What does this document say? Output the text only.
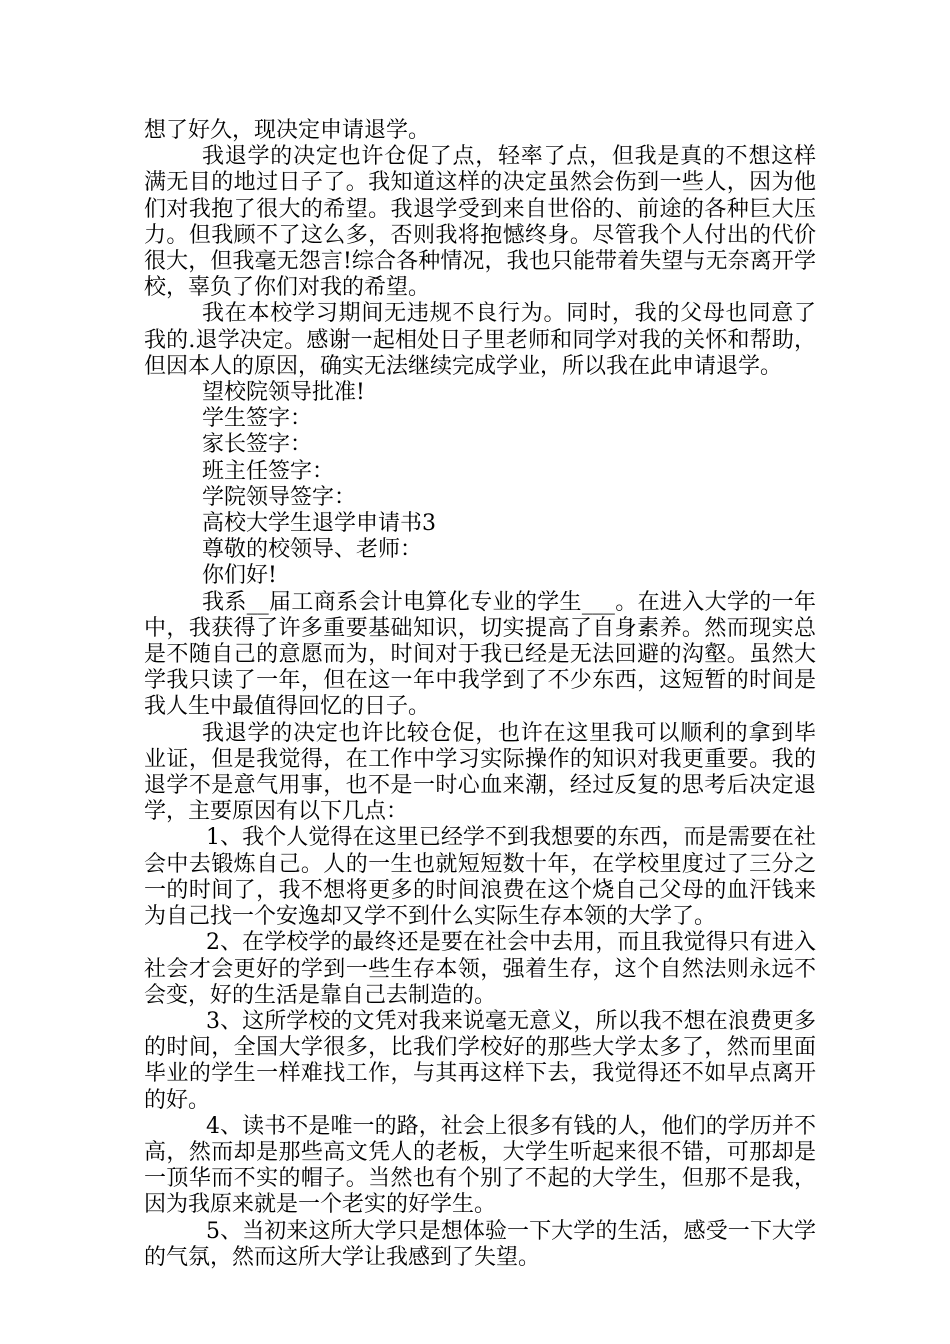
想了好久，现决定申请退学。

我退学的决定也许仓促了点，轻率了点，但我是真的不想这样满无目的地过日子了。我知道这样的决定虽然会伤到一些人，因为他们对我抱了很大的希望。我退学受到来自世俗的、前途的各种巨大压力。但我顾不了这么多，否则我将抱憾终身。尽管我个人付出的代价很大，但我毫无怨言!综合各种情况，我也只能带着失望与无奈离开学校，辜负了你们对我的希望。

我在本校学习期间无违规不良行为。同时，我的父母也同意了我的.退学决定。感谢一起相处日子里老师和同学对我的关怀和帮助，但因本人的原因，确实无法继续完成学业，所以我在此申请退学。

望校院领导批准!

学生签字：

家长签字：

班主任签字：

学院领导签字：

高校大学生退学申请书3

尊敬的校领导、老师：

你们好!

我系__届工商系会计电算化专业的学生___。在进入大学的一年中，我获得了许多重要基础知识，切实提高了自身素养。然而现实总是不随自己的意愿而为，时间对于我已经是无法回避的沟壑。虽然大学我只读了一年，但在这一年中我学到了不少东西，这短暂的时间是我人生中最值得回忆的日子。

我退学的决定也许比较仓促，也许在这里我可以顺利的拿到毕业证，但是我觉得，在工作中学习实际操作的知识对我更重要。我的退学不是意气用事，也不是一时心血来潮，经过反复的思考后决定退学，主要原因有以下几点：

1、我个人觉得在这里已经学不到我想要的东西，而是需要在社会中去锻炼自己。人的一生也就短短数十年，在学校里度过了三分之一的时间了，我不想将更多的时间浪费在这个烧自己父母的血汗钱来为自己找一个安逸却又学不到什么实际生存本领的大学了。

2、在学校学的最终还是要在社会中去用，而且我觉得只有进入社会才会更好的学到一些生存本领，强着生存，这个自然法则永远不会变，好的生活是靠自己去制造的。

3、这所学校的文凭对我来说毫无意义，所以我不想在浪费更多的时间，全国大学很多，比我们学校好的那些大学太多了，然而里面毕业的学生一样难找工作，与其再这样下去，我觉得还不如早点离开的好。

4、读书不是唯一的路，社会上很多有钱的人，他们的学历并不高，然而却是那些高文凭人的老板，大学生听起来很不错，可那却是一顶华而不实的帽子。当然也有个别了不起的大学生，但那不是我，因为我原来就是一个老实的好学生。

5、当初来这所大学只是想体验一下大学的生活，感受一下大学的气氛，然而这所大学让我感到了失望。
